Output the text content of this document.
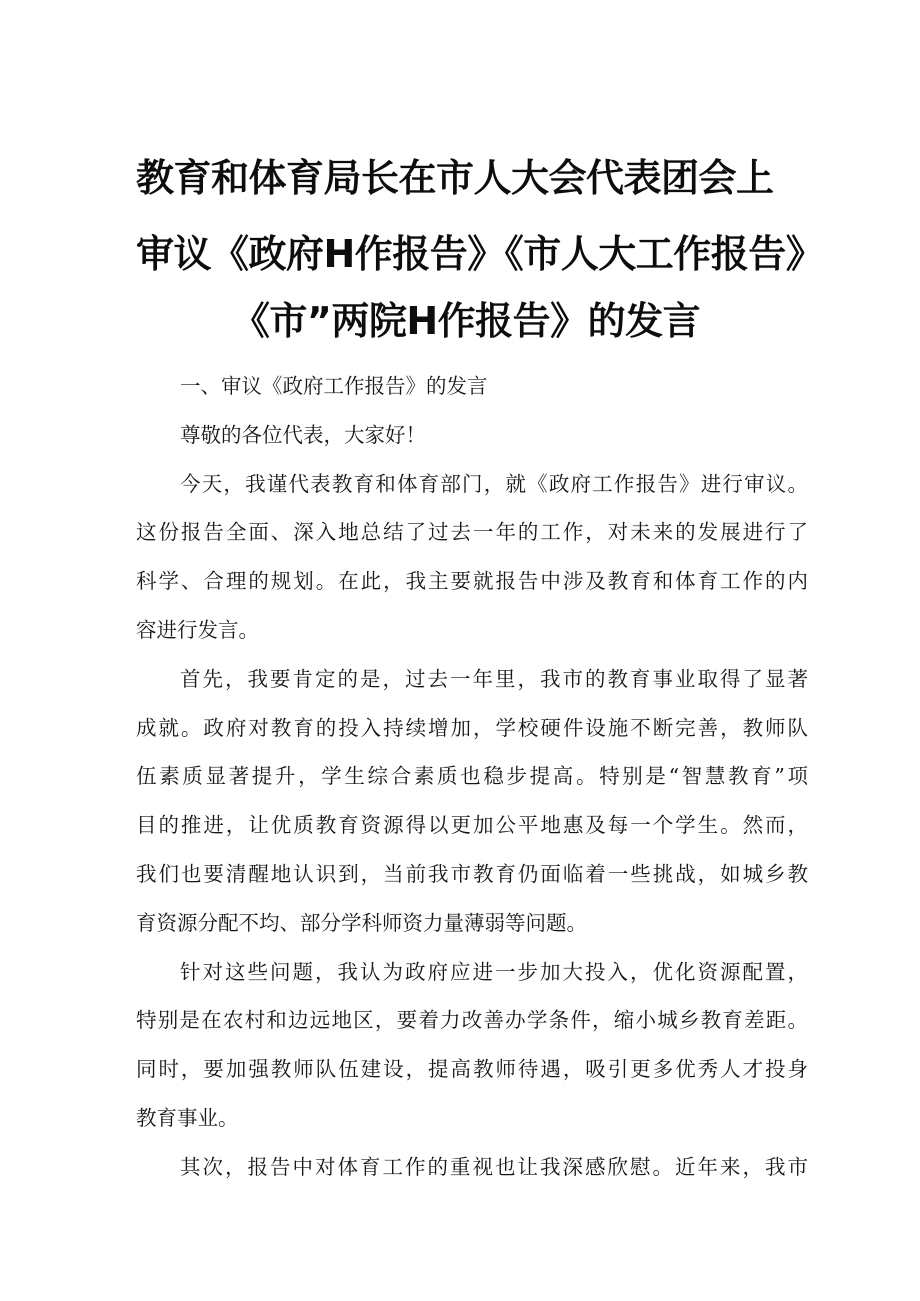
教育和体育局长在市人大会代表团会上
审议《政府H作报告》《市人大工作报告》
《市”两院H作报告》的发言
一、审议《政府工作报告》的发言
尊敬的各位代表，大家好！
今天，我谨代表教育和体育部门，就《政府工作报告》进行审议。
这份报告全面、深入地总结了过去一年的工作，对未来的发展进行了
科学、合理的规划。在此，我主要就报告中涉及教育和体育工作的内
容进行发言。
首先，我要肯定的是，过去一年里，我市的教育事业取得了显著
成就。政府对教育的投入持续增加，学校硬件设施不断完善，教师队
伍素质显著提升，学生综合素质也稳步提高。特别是“智慧教育”项
目的推进，让优质教育资源得以更加公平地惠及每一个学生。然而，
我们也要清醒地认识到，当前我市教育仍面临着一些挑战，如城乡教
育资源分配不均、部分学科师资力量薄弱等问题。
针对这些问题，我认为政府应进一步加大投入，优化资源配置，
特别是在农村和边远地区，要着力改善办学条件，缩小城乡教育差距。
同时，要加强教师队伍建设，提高教师待遇，吸引更多优秀人才投身
教育事业。
其次，报告中对体育工作的重视也让我深感欣慰。近年来，我市
